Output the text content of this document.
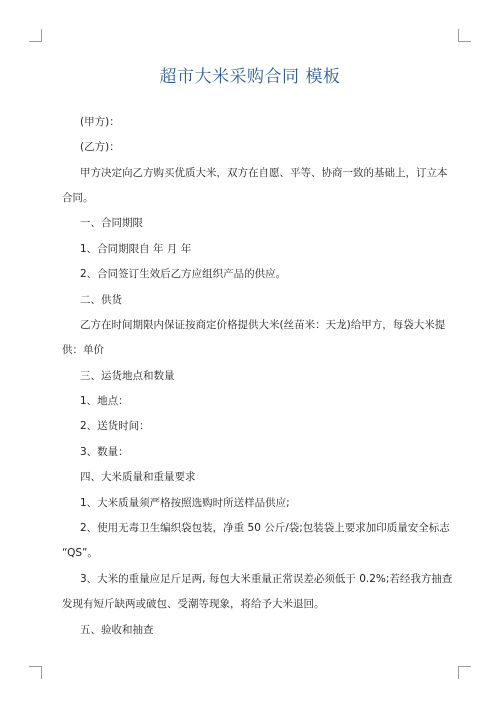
超市大米采购合同 模板

(甲方)：

(乙方)：

甲方决定向乙方购买优质大米，双方在自愿、平等、协商一致的基础上，订立本

合同。

一、合同期限

1、合同期限自 年 月 年

2、合同签订生效后乙方应组织产品的供应。

二、供货

乙方在时间期限内保证按商定价格提供大米(丝苗米：天龙)给甲方，每袋大米提

供：单价

三、运货地点和数量

1、地点：

2、送货时间：

3、数量：

四、大米质量和重量要求

1、大米质量须严格按照选购时所送样品供应;

2、使用无毒卫生编织袋包装，净重 50 公斤/袋;包装袋上要求加印质量安全标志

“QS”。

3、大米的重量应足斤足两, 每包大米重量正常误差必须低于 0.2%;若经我方抽查

发现有短斤缺两或破包、受潮等现象，将给予大米退回。

五、验收和抽查
